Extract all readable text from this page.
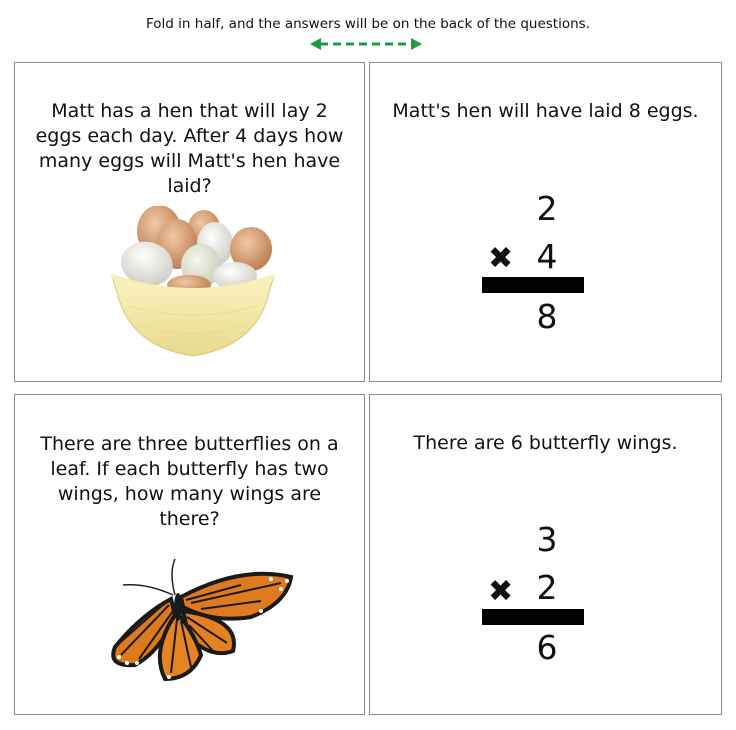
Fold in half, and the answers will be on the back of the questions.
Matt has a hen that will lay 2 eggs each day. After 4 days how many eggs will Matt's hen have laid?
Matt's hen will have laid 8 eggs.
2
✖ 4
8
There are three butterflies on a leaf. If each butterfly has two wings, how many wings are there?
There are 6 butterfly wings.
3
✖ 2
6
